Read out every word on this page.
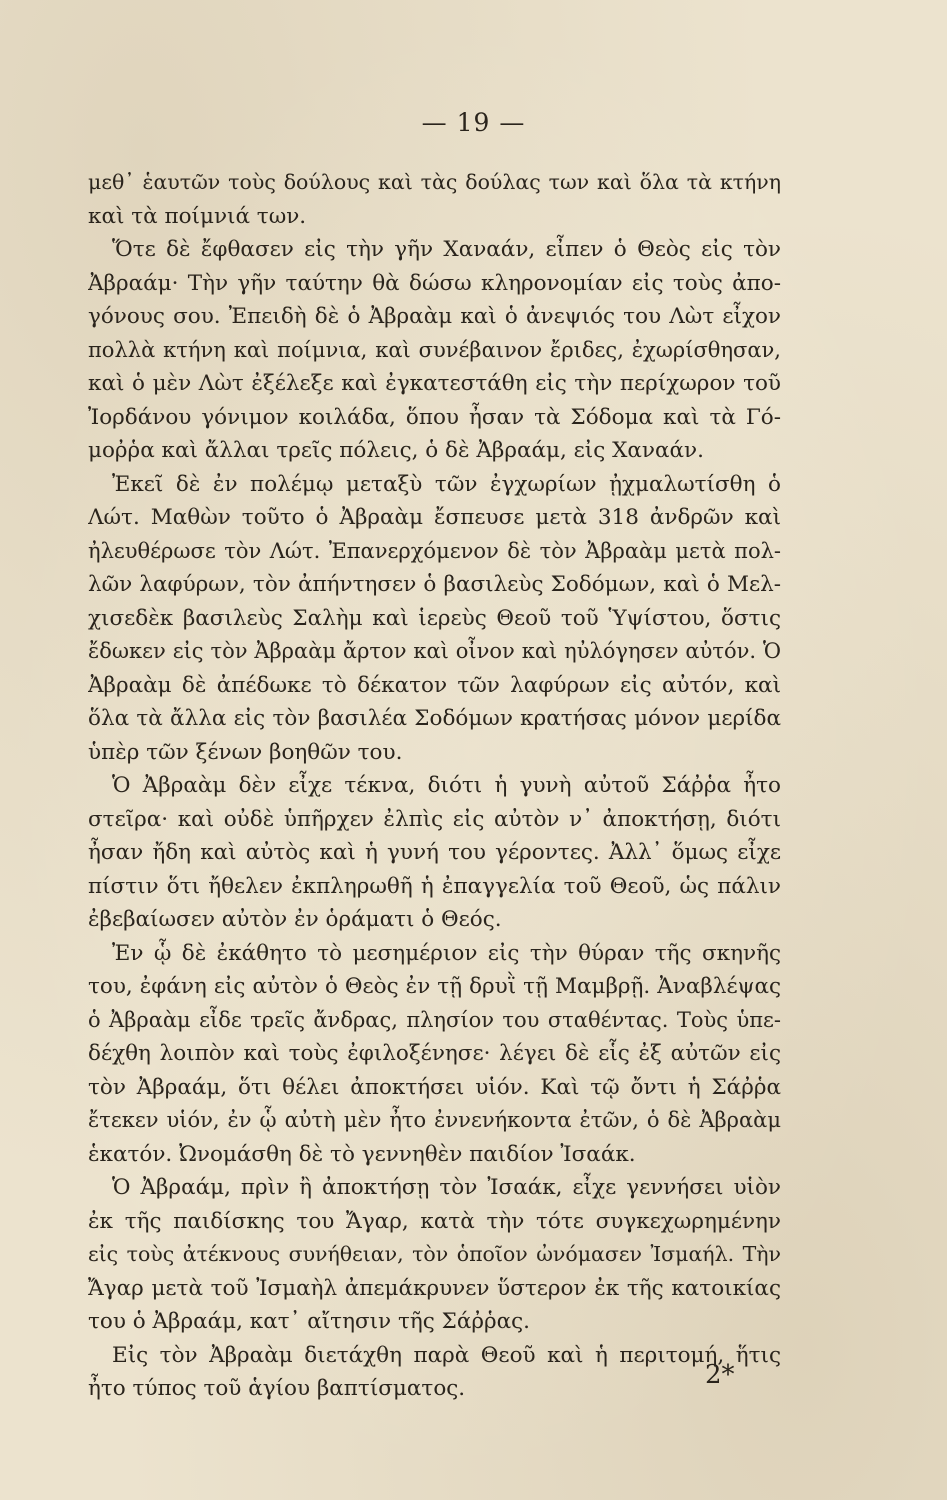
— 19 —
μεθ᾽ ἑαυτῶν τοὺς δούλους καὶ τὰς δούλας των καὶ ὅλα τὰ κτήνη
καὶ τὰ ποίμνιά των.
Ὅτε δὲ ἔφθασεν εἰς τὴν γῆν Χαναάν, εἶπεν ὁ Θεὸς εἰς τὸν
Ἀβραάμ· Τὴν γῆν ταύτην θὰ δώσω κληρονομίαν εἰς τοὺς ἀπο-
γόνους σου. Ἐπειδὴ δὲ ὁ Ἀβραὰμ καὶ ὁ ἀνεψιός του Λὼτ εἶχον
πολλὰ κτήνη καὶ ποίμνια, καὶ συνέβαινον ἔριδες, ἐχωρίσθησαν,
καὶ ὁ μὲν Λὼτ ἐξέλεξε καὶ ἐγκατεστάθη εἰς τὴν περίχωρον τοῦ
Ἰορδάνου γόνιμον κοιλάδα, ὅπου ἦσαν τὰ Σόδομα καὶ τὰ Γό-
μοῤῥα καὶ ἄλλαι τρεῖς πόλεις, ὁ δὲ Ἀβραάμ, εἰς Χαναάν.
Ἐκεῖ δὲ ἐν πολέμῳ μεταξὺ τῶν ἐγχωρίων ᾐχμαλωτίσθη ὁ
Λώτ. Μαθὼν τοῦτο ὁ Ἀβραὰμ ἔσπευσε μετὰ 318 ἀνδρῶν καὶ
ἠλευθέρωσε τὸν Λώτ. Ἐπανερχόμενον δὲ τὸν Ἀβραὰμ μετὰ πολ-
λῶν λαφύρων, τὸν ἀπήντησεν ὁ βασιλεὺς Σοδόμων, καὶ ὁ Μελ-
χισεδὲκ βασιλεὺς Σαλὴμ καὶ ἱερεὺς Θεοῦ τοῦ Ὑψίστου, ὅστις
ἔδωκεν εἰς τὸν Ἀβραὰμ ἄρτον καὶ οἶνον καὶ ηὐλόγησεν αὐτόν. Ὁ
Ἀβραὰμ δὲ ἀπέδωκε τὸ δέκατον τῶν λαφύρων εἰς αὐτόν, καὶ
ὅλα τὰ ἄλλα εἰς τὸν βασιλέα Σοδόμων κρατήσας μόνον μερίδα
ὑπὲρ τῶν ξένων βοηθῶν του.
Ὁ Ἀβραὰμ δὲν εἶχε τέκνα, διότι ἡ γυνὴ αὐτοῦ Σάῤῥα ἦτο
στεῖρα· καὶ οὐδὲ ὑπῆρχεν ἐλπὶς εἰς αὐτὸν ν᾽ ἀποκτήσῃ, διότι
ἦσαν ἤδη καὶ αὐτὸς καὶ ἡ γυνή του γέροντες. Ἀλλ᾽ ὅμως εἶχε
πίστιν ὅτι ἤθελεν ἐκπληρωθῆ ἡ ἐπαγγελία τοῦ Θεοῦ, ὡς πάλιν
ἐβεβαίωσεν αὐτὸν ἐν ὁράματι ὁ Θεός.
Ἐν ᾧ δὲ ἐκάθητο τὸ μεσημέριον εἰς τὴν θύραν τῆς σκηνῆς
του, ἐφάνη εἰς αὐτὸν ὁ Θεὸς ἐν τῇ δρυῒ τῇ Μαμβρῇ. Ἀναβλέψας
ὁ Ἀβραὰμ εἶδε τρεῖς ἄνδρας, πλησίον του σταθέντας. Τοὺς ὑπε-
δέχθη λοιπὸν καὶ τοὺς ἐφιλοξένησε· λέγει δὲ εἷς ἐξ αὐτῶν εἰς
τὸν Ἀβραάμ, ὅτι θέλει ἀποκτήσει υἱόν. Καὶ τῷ ὄντι ἡ Σάῤῥα
ἔτεκεν υἱόν, ἐν ᾧ αὐτὴ μὲν ἦτο ἐννενήκοντα ἐτῶν, ὁ δὲ Ἀβραὰμ
ἑκατόν. Ὠνομάσθη δὲ τὸ γεννηθὲν παιδίον Ἰσαάκ.
Ὁ Ἀβραάμ, πρὶν ἢ ἀποκτήσῃ τὸν Ἰσαάκ, εἶχε γεννήσει υἱὸν
ἐκ τῆς παιδίσκης του Ἄγαρ, κατὰ τὴν τότε συγκεχωρημένην
εἰς τοὺς ἀτέκνους συνήθειαν, τὸν ὁποῖον ὠνόμασεν Ἰσμαήλ. Τὴν
Ἄγαρ μετὰ τοῦ Ἰσμαὴλ ἀπεμάκρυνεν ὕστερον ἐκ τῆς κατοικίας
του ὁ Ἀβραάμ, κατ᾽ αἴτησιν τῆς Σάῤῥας.
Εἰς τὸν Ἀβραὰμ διετάχθη παρὰ Θεοῦ καὶ ἡ περιτομή, ἥτις
ἦτο τύπος τοῦ ἁγίου βαπτίσματος.	2*
